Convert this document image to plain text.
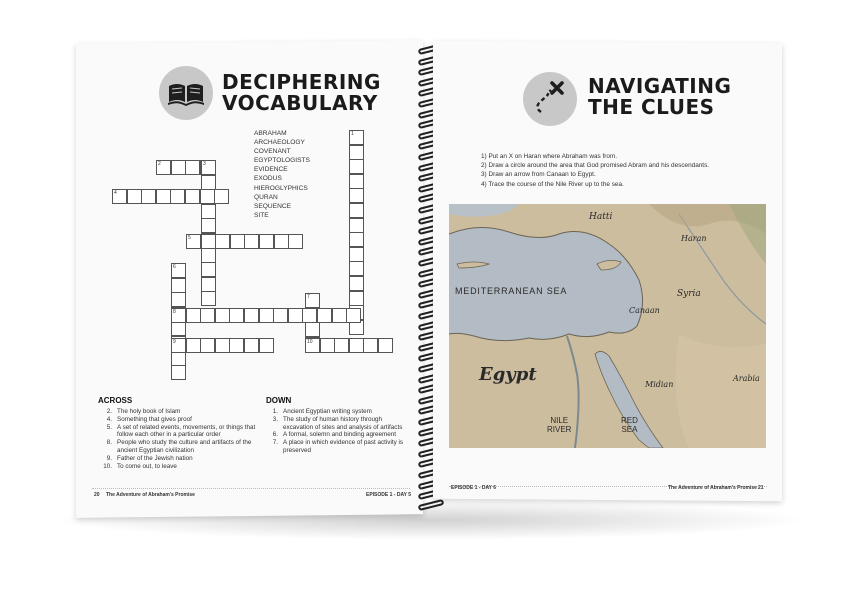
DECIPHERING
VOCABULARY
ABRAHAM
ARCHAEOLOGY
COVENANT
EGYPTOLOGISTS
EVIDENCE
EXODUS
HIEROGLYPHICS
QURAN
SEQUENCE
SITE
1
2	3
4
5
6
7
8
9	10
ACROSS
2. The holy book of Islam
4. Something that gives proof
5. A set of related events, movements, or things that follow each other in a particular order
8. People who study the culture and artifacts of the ancient Egyptian civilization
9. Father of the Jewish nation
10. To come out, to leave
DOWN
1. Ancient Egyptian writing system
3. The study of human history through excavation of sites and analysis of artifacts
6. A formal, solemn and binding agreement
7. A place in which evidence of past activity is preserved
20 The Adventure of Abraham's Promise	EPISODE 1 - DAY 5
NAVIGATING
THE CLUES
1) Put an X on Haran where Abraham was from.
2) Draw a circle around the area that God promised Abram and his descendants.
3) Draw an arrow from Canaan to Egypt.
4) Trace the course of the Nile River up to the sea.
Hatti
Haran
MEDITERRANEAN SEA	Syria
Canaan
Egypt	Midian
Arabia
NILE
RIVER
RED
SEA
EPISODE 1 - DAY 6	The Adventure of Abraham's Promise 21
